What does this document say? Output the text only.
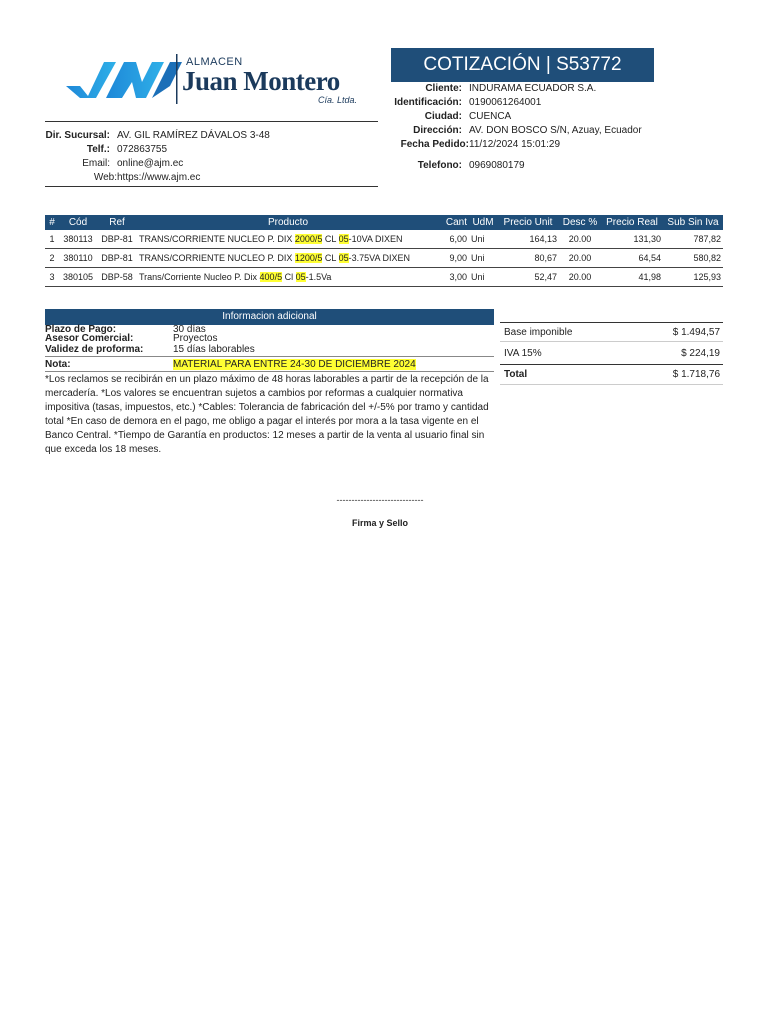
ALMACEN
Juan Montero
Cía. Ltda.
COTIZACIÓN | S53772
Dir. Sucursal: AV. GIL RAMÍREZ DÁVALOS 3-48
Telf.: 072863755
Email: online@ajm.ec
Web: https://www.ajm.ec
Cliente: INDURAMA ECUADOR S.A.
Identificación: 0190061264001
Ciudad: CUENCA
Dirección: AV. DON BOSCO S/N, Azuay, Ecuador
Fecha Pedido: 11/12/2024 15:01:29
Telefono: 0969080179
#	Cód	Ref	Producto	Cant	UdM	Precio Unit	Desc %	Precio Real	Sub Sin Iva
1	380113	DBP-81	TRANS/CORRIENTE NUCLEO P. DIX 2000/5 CL 05-10VA DIXEN	6,00	Uni	164,13	20.00	131,30	787,82
2	380110	DBP-81	TRANS/CORRIENTE NUCLEO P. DIX 1200/5 CL 05-3.75VA DIXEN	9,00	Uni	80,67	20.00	64,54	580,82
3	380105	DBP-58	Trans/Corriente Nucleo P. Dix 400/5 Cl 05-1.5Va	3,00	Uni	52,47	20.00	41,98	125,93
Informacion adicional
Plazo de Pago:	30 días
Asesor Comercial:	Proyectos
Validez de proforma:	15 días laborables
Nota:	MATERIAL PARA ENTRE 24-30 DE DICIEMBRE 2024
*Los reclamos se recibirán en un plazo máximo de 48 horas laborables a partir de la recepción de la mercadería. *Los valores se encuentran sujetos a cambios por reformas a cualquier normativa impositiva (tasas, impuestos, etc.) *Cables: Tolerancia de fabricación del +/-5% por tramo y cantidad total *En caso de demora en el pago, me obligo a pagar el interés por mora a la tasa vigente en el Banco Central. *Tiempo de Garantía en productos: 12 meses a partir de la venta al usuario final sin que exceda los 18 meses.
Base imponible	$ 1.494,57
IVA 15%	$ 224,19
Total	$ 1.718,76
-----------------------------
Firma y Sello
